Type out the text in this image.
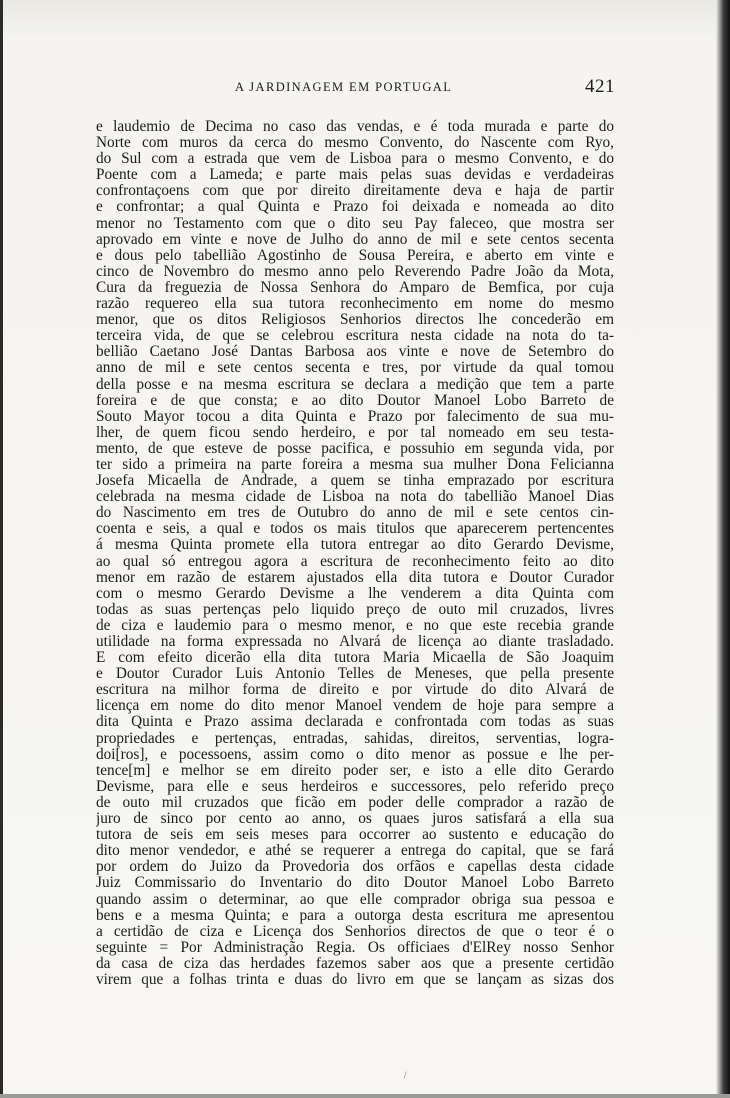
A JARDINAGEM EM PORTUGAL	421
e laudemio de Decima no caso das vendas, e é toda murada e parte do
Norte com muros da cerca do mesmo Convento, do Nascente com Ryo,
do Sul com a estrada que vem de Lisboa para o mesmo Convento, e do
Poente com a Lameda; e parte mais pelas suas devidas e verdadeiras
confrontaçoens com que por direito direitamente deva e haja de partir
e confrontar; a qual Quinta e Prazo foi deixada e nomeada ao dito
menor no Testamento com que o dito seu Pay faleceo, que mostra ser
aprovado em vinte e nove de Julho do anno de mil e sete centos secenta
e dous pelo tabellião Agostinho de Sousa Pereira, e aberto em vinte e
cinco de Novembro do mesmo anno pelo Reverendo Padre João da Mota,
Cura da freguezia de Nossa Senhora do Amparo de Bemfica, por cuja
razão requereo ella sua tutora reconhecimento em nome do mesmo
menor, que os ditos Religiosos Senhorios directos lhe concederão em
terceira vida, de que se celebrou escritura nesta cidade na nota do ta-
bellião Caetano José Dantas Barbosa aos vinte e nove de Setembro do
anno de mil e sete centos secenta e tres, por virtude da qual tomou
della posse e na mesma escritura se declara a medição que tem a parte
foreira e de que consta; e ao dito Doutor Manoel Lobo Barreto de
Souto Mayor tocou a dita Quinta e Prazo por falecimento de sua mu-
lher, de quem ficou sendo herdeiro, e por tal nomeado em seu testa-
mento, de que esteve de posse pacifica, e possuhio em segunda vida, por
ter sido a primeira na parte foreira a mesma sua mulher Dona Felicianna
Josefa Micaella de Andrade, a quem se tinha emprazado por escritura
celebrada na mesma cidade de Lisboa na nota do tabellião Manoel Dias
do Nascimento em tres de Outubro do anno de mil e sete centos cin-
coenta e seis, a qual e todos os mais titulos que aparecerem pertencentes
á mesma Quinta promete ella tutora entregar ao dito Gerardo Devisme,
ao qual só entregou agora a escritura de reconhecimento feito ao dito
menor em razão de estarem ajustados ella dita tutora e Doutor Curador
com o mesmo Gerardo Devisme a lhe venderem a dita Quinta com
todas as suas pertenças pelo liquido preço de outo mil cruzados, livres
de ciza e laudemio para o mesmo menor, e no que este recebia grande
utilidade na forma expressada no Alvará de licença ao diante trasladado.
E com efeito dicerão ella dita tutora Maria Micaella de São Joaquim
e Doutor Curador Luis Antonio Telles de Meneses, que pella presente
escritura na milhor forma de direito e por virtude do dito Alvará de
licença em nome do dito menor Manoel vendem de hoje para sempre a
dita Quinta e Prazo assima declarada e confrontada com todas as suas
propriedades e pertenças, entradas, sahidas, direitos, serventias, logra-
doi[ros], e pocessoens, assim como o dito menor as possue e lhe per-
tence[m] e melhor se em direito poder ser, e isto a elle dito Gerardo
Devisme, para elle e seus herdeiros e successores, pelo referido preço
de outo mil cruzados que ficão em poder delle comprador a razão de
juro de sinco por cento ao anno, os quaes juros satisfará a ella sua
tutora de seis em seis meses para occorrer ao sustento e educação do
dito menor vendedor, e athé se requerer a entrega do capital, que se fará
por ordem do Juizo da Provedoria dos orfãos e capellas desta cidade
Juiz Commissario do Inventario do dito Doutor Manoel Lobo Barreto
quando assim o determinar, ao que elle comprador obriga sua pessoa e
bens e a mesma Quinta; e para a outorga desta escritura me apresentou
a certidão de ciza e Licença dos Senhorios directos de que o teor é o
seguinte = Por Administração Regia. Os officiaes d'ElRey nosso Senhor
da casa de ciza das herdades fazemos saber aos que a presente certidão
virem que a folhas trinta e duas do livro em que se lançam as sizas dos
/
